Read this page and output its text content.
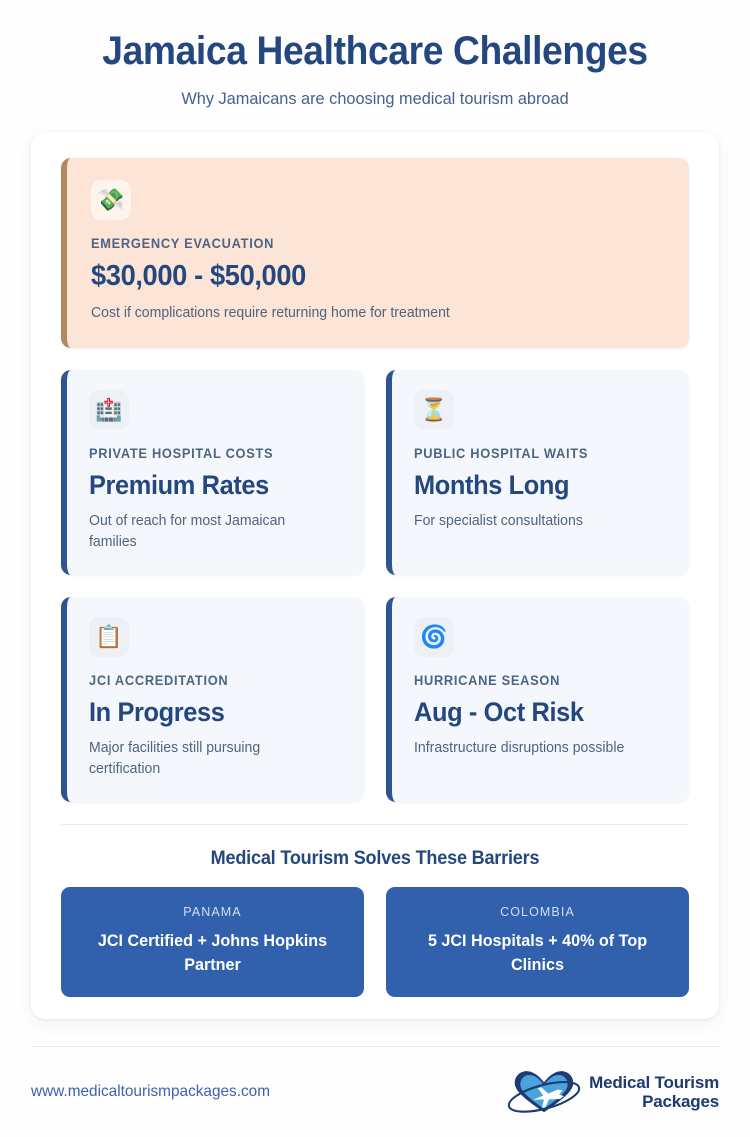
Jamaica Healthcare Challenges

Why Jamaicans are choosing medical tourism abroad

💸

EMERGENCY EVACUATION

$30,000 - $50,000

Cost if complications require returning home for treatment

🏥

PRIVATE HOSPITAL COSTS

Premium Rates

Out of reach for most Jamaican families

⏳

PUBLIC HOSPITAL WAITS

Months Long

For specialist consultations

📋

JCI ACCREDITATION

In Progress

Major facilities still pursuing certification

🌀

HURRICANE SEASON

Aug - Oct Risk

Infrastructure disruptions possible

Medical Tourism Solves These Barriers

PANAMA

JCI Certified + Johns Hopkins Partner

COLOMBIA

5 JCI Hospitals + 40% of Top Clinics

www.medicaltourismpackages.com	Medical Tourism
Packages
